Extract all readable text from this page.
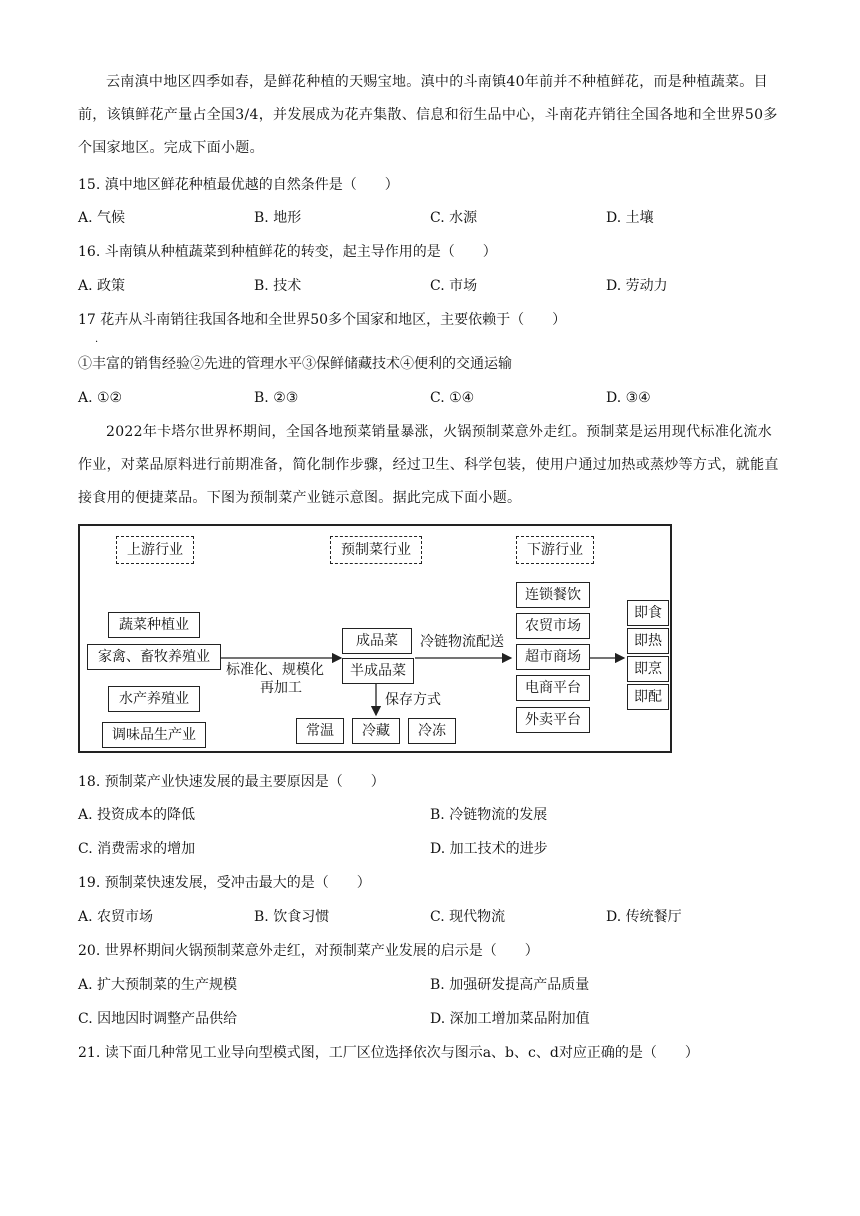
云南滇中地区四季如春，是鲜花种植的天赐宝地。滇中的斗南镇40年前并不种植鲜花，而是种植蔬菜。目前，该镇鲜花产量占全国3/4，并发展成为花卉集散、信息和衍生品中心，斗南花卉销往全国各地和全世界50多个国家地区。完成下面小题。
15. 滇中地区鲜花种植最优越的自然条件是（　　）
A. 气候	B. 地形	C. 水源	D. 土壤
16. 斗南镇从种植蔬菜到种植鲜花的转变，起主导作用的是（　　）
A. 政策	B. 技术	C. 市场	D. 劳动力
17 花卉从斗南销往我国各地和全世界50多个国家和地区，主要依赖于（　　）
·
①丰富的销售经验②先进的管理水平③保鲜储藏技术④便利的交通运输
A. ①②	B. ②③	C. ①④	D. ③④
2022年卡塔尔世界杯期间，全国各地预菜销量暴涨，火锅预制菜意外走红。预制菜是运用现代标准化流水作业，对菜品原料进行前期准备，简化制作步骤，经过卫生、科学包装，使用户通过加热或蒸炒等方式，就能直接食用的便捷菜品。下图为预制菜产业链示意图。据此完成下面小题。
上游行业	预制菜行业	下游行业
蔬菜种植业
家禽、畜牧养殖业
水产养殖业
调味品生产业
标准化、规模化
再加工
成品菜
半成品菜
保存方式
常温	冷藏	冷冻
冷链物流配送
连锁餐饮
农贸市场
超市商场
电商平台
外卖平台
即食
即热
即烹
即配
18. 预制菜产业快速发展的最主要原因是（　　）
A. 投资成本的降低	B. 冷链物流的发展
C. 消费需求的增加	D. 加工技术的进步
19. 预制菜快速发展，受冲击最大的是（　　）
A. 农贸市场	B. 饮食习惯	C. 现代物流	D. 传统餐厅
20. 世界杯期间火锅预制菜意外走红，对预制菜产业发展的启示是（　　）
A. 扩大预制菜的生产规模	B. 加强研发提高产品质量
C. 因地因时调整产品供给	D. 深加工增加菜品附加值
21. 读下面几种常见工业导向型模式图，工厂区位选择依次与图示a、b、c、d对应正确的是（　　）
